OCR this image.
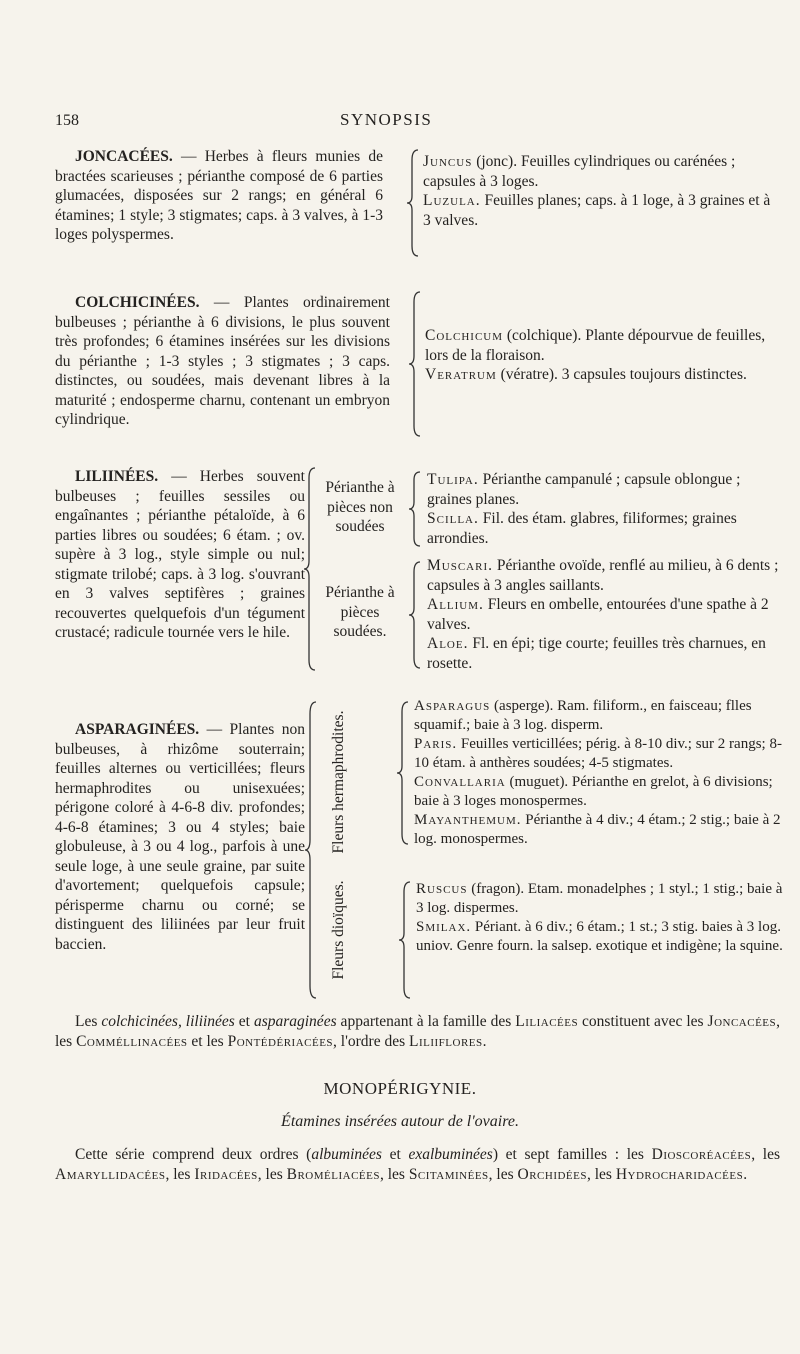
158	SYNOPSIS
JONCACÉES. — Herbes à fleurs munies de bractées scarieuses ; périanthe composé de 6 parties glumacées, disposées sur 2 rangs; en général 6 étamines; 1 style; 3 stigmates; caps. à 3 valves, à 1-3 loges polyspermes.

Juncus (jonc). Feuilles cylindriques ou carénées ; capsules à 3 loges.

Luzula. Feuilles planes; caps. à 1 loge, à 3 graines et à 3 valves.

COLCHICINÉES. — Plantes ordinairement bulbeuses ; périanthe à 6 divisions, le plus souvent très profondes; 6 étamines insérées sur les divisions du périanthe ; 1-3 styles ; 3 stigmates ; 3 caps. distinctes, ou soudées, mais devenant libres à la maturité ; endosperme charnu, contenant un embryon cylindrique.

Colchicum (colchique). Plante dépourvue de feuilles, lors de la floraison.

Veratrum (vératre). 3 capsules toujours distinctes.

LILIINÉES. — Herbes souvent bulbeuses ; feuilles sessiles ou engaînantes ; périanthe pétaloïde, à 6 parties libres ou soudées; 6 étam. ; ov. supère à 3 log., style simple ou nul; stigmate trilobé; caps. à 3 log. s'ouvrant en 3 valves septifères ; graines recouvertes quelquefois d'un tégument crustacé; radicule tournée vers le hile.
Périanthe à pièces non soudées
Périanthe à pièces soudées.

Tulipa. Périanthe campanulé ; capsule oblongue ; graines planes.

Scilla. Fil. des étam. glabres, filiformes; graines arrondies.

Muscari. Périanthe ovoïde, renflé au milieu, à 6 dents ; capsules à 3 angles saillants.

Allium. Fleurs en ombelle, entourées d'une spathe à 2 valves.

Aloe. Fl. en épi; tige courte; feuilles très charnues, en rosette.

ASPARAGINÉES. — Plantes non bulbeuses, à rhizôme souterrain; feuilles alternes ou verticillées; fleurs hermaphrodites ou unisexuées; périgone coloré à 4-6-8 div. profondes; 4-6-8 étamines; 3 ou 4 styles; baie globuleuse, à 3 ou 4 log., parfois à une seule loge, à une seule graine, par suite d'avortement; quelquefois capsule; périsperme charnu ou corné; se distinguent des liliinées par leur fruit baccien.
Fleurs hermaphrodites.
Fleurs dioïques.

Asparagus (asperge). Ram. filiform., en faisceau; flles squamif.; baie à 3 log. disperm.

Paris. Feuilles verticillées; périg. à 8-10 div.; sur 2 rangs; 8-10 étam. à anthères soudées; 4-5 stigmates.

Convallaria (muguet). Périanthe en grelot, à 6 divisions; baie à 3 loges monospermes.

Mayanthemum. Périanthe à 4 div.; 4 étam.; 2 stig.; baie à 2 log. monospermes.

Ruscus (fragon). Etam. monadelphes ; 1 styl.; 1 stig.; baie à 3 log. dispermes.

Smilax. Périant. à 6 div.; 6 étam.; 1 st.; 3 stig. baies à 3 log. uniov. Genre fourn. la salsep. exotique et indigène; la squine.

Les colchicinées, liliinées et asparaginées appartenant à la famille des Liliacées constituent avec les Joncacées, les Comméllinacées et les Pontédériacées, l'ordre des Liliiflores.
MONOPÉRIGYNIE.
Étamines insérées autour de l'ovaire.
Cette série comprend deux ordres (albuminées et exalbuminées) et sept familles : les Dioscoréacées, les Amaryllidacées, les Iridacées, les Broméliacées, les Scitaminées, les Orchidées, les Hydrocharidacées.
